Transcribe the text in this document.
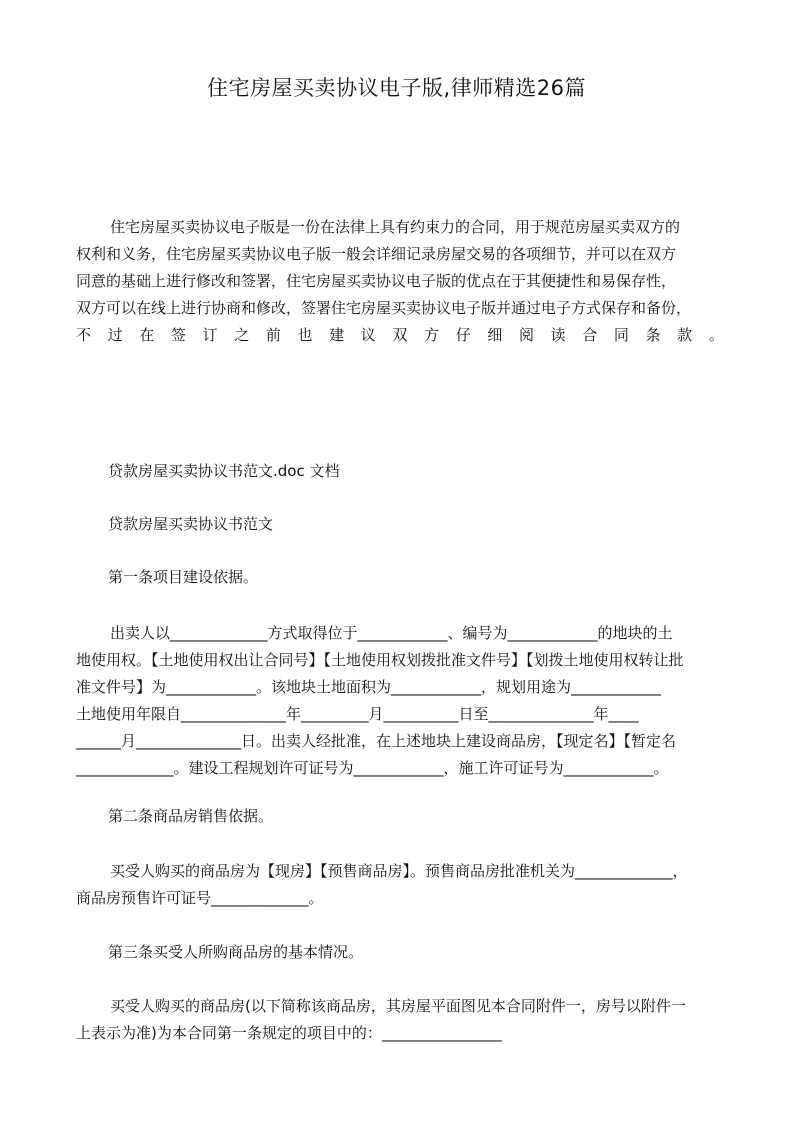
住宅房屋买卖协议电子版,律师精选26篇
住宅房屋买卖协议电子版是一份在法律上具有约束力的合同，用于规范房屋买卖双方的
权利和义务，住宅房屋买卖协议电子版一般会详细记录房屋交易的各项细节，并可以在双方
同意的基础上进行修改和签署，住宅房屋买卖协议电子版的优点在于其便捷性和易保存性，
双方可以在线上进行协商和修改，签署住宅房屋买卖协议电子版并通过电子方式保存和备份，
不 过 在 签 订 之 前 也 建 议 双 方 仔 细 阅 读 合 同 条 款 。
贷款房屋买卖协议书范文.doc 文档
贷款房屋买卖协议书范文
第一条项目建设依据。
出卖人以_____________方式取得位于____________、编号为____________的地块的土
地使用权。【土地使用权出让合同号】【土地使用权划拨批准文件号】【划拨土地使用权转让批
准文件号】为____________。该地块土地面积为____________，规划用途为____________
土地使用年限自______________年_________月__________日至______________年____
______月______________日。出卖人经批准，在上述地块上建设商品房，【现定名】【暂定名
_____________。建设工程规划许可证号为____________，施工许可证号为____________。
第二条商品房销售依据。
买受人购买的商品房为【现房】【预售商品房】。预售商品房批准机关为_____________，
商品房预售许可证号_____________。
第三条买受人所购商品房的基本情况。
买受人购买的商品房(以下简称该商品房，其房屋平面图见本合同附件一，房号以附件一
上表示为准)为本合同第一条规定的项目中的：________________
